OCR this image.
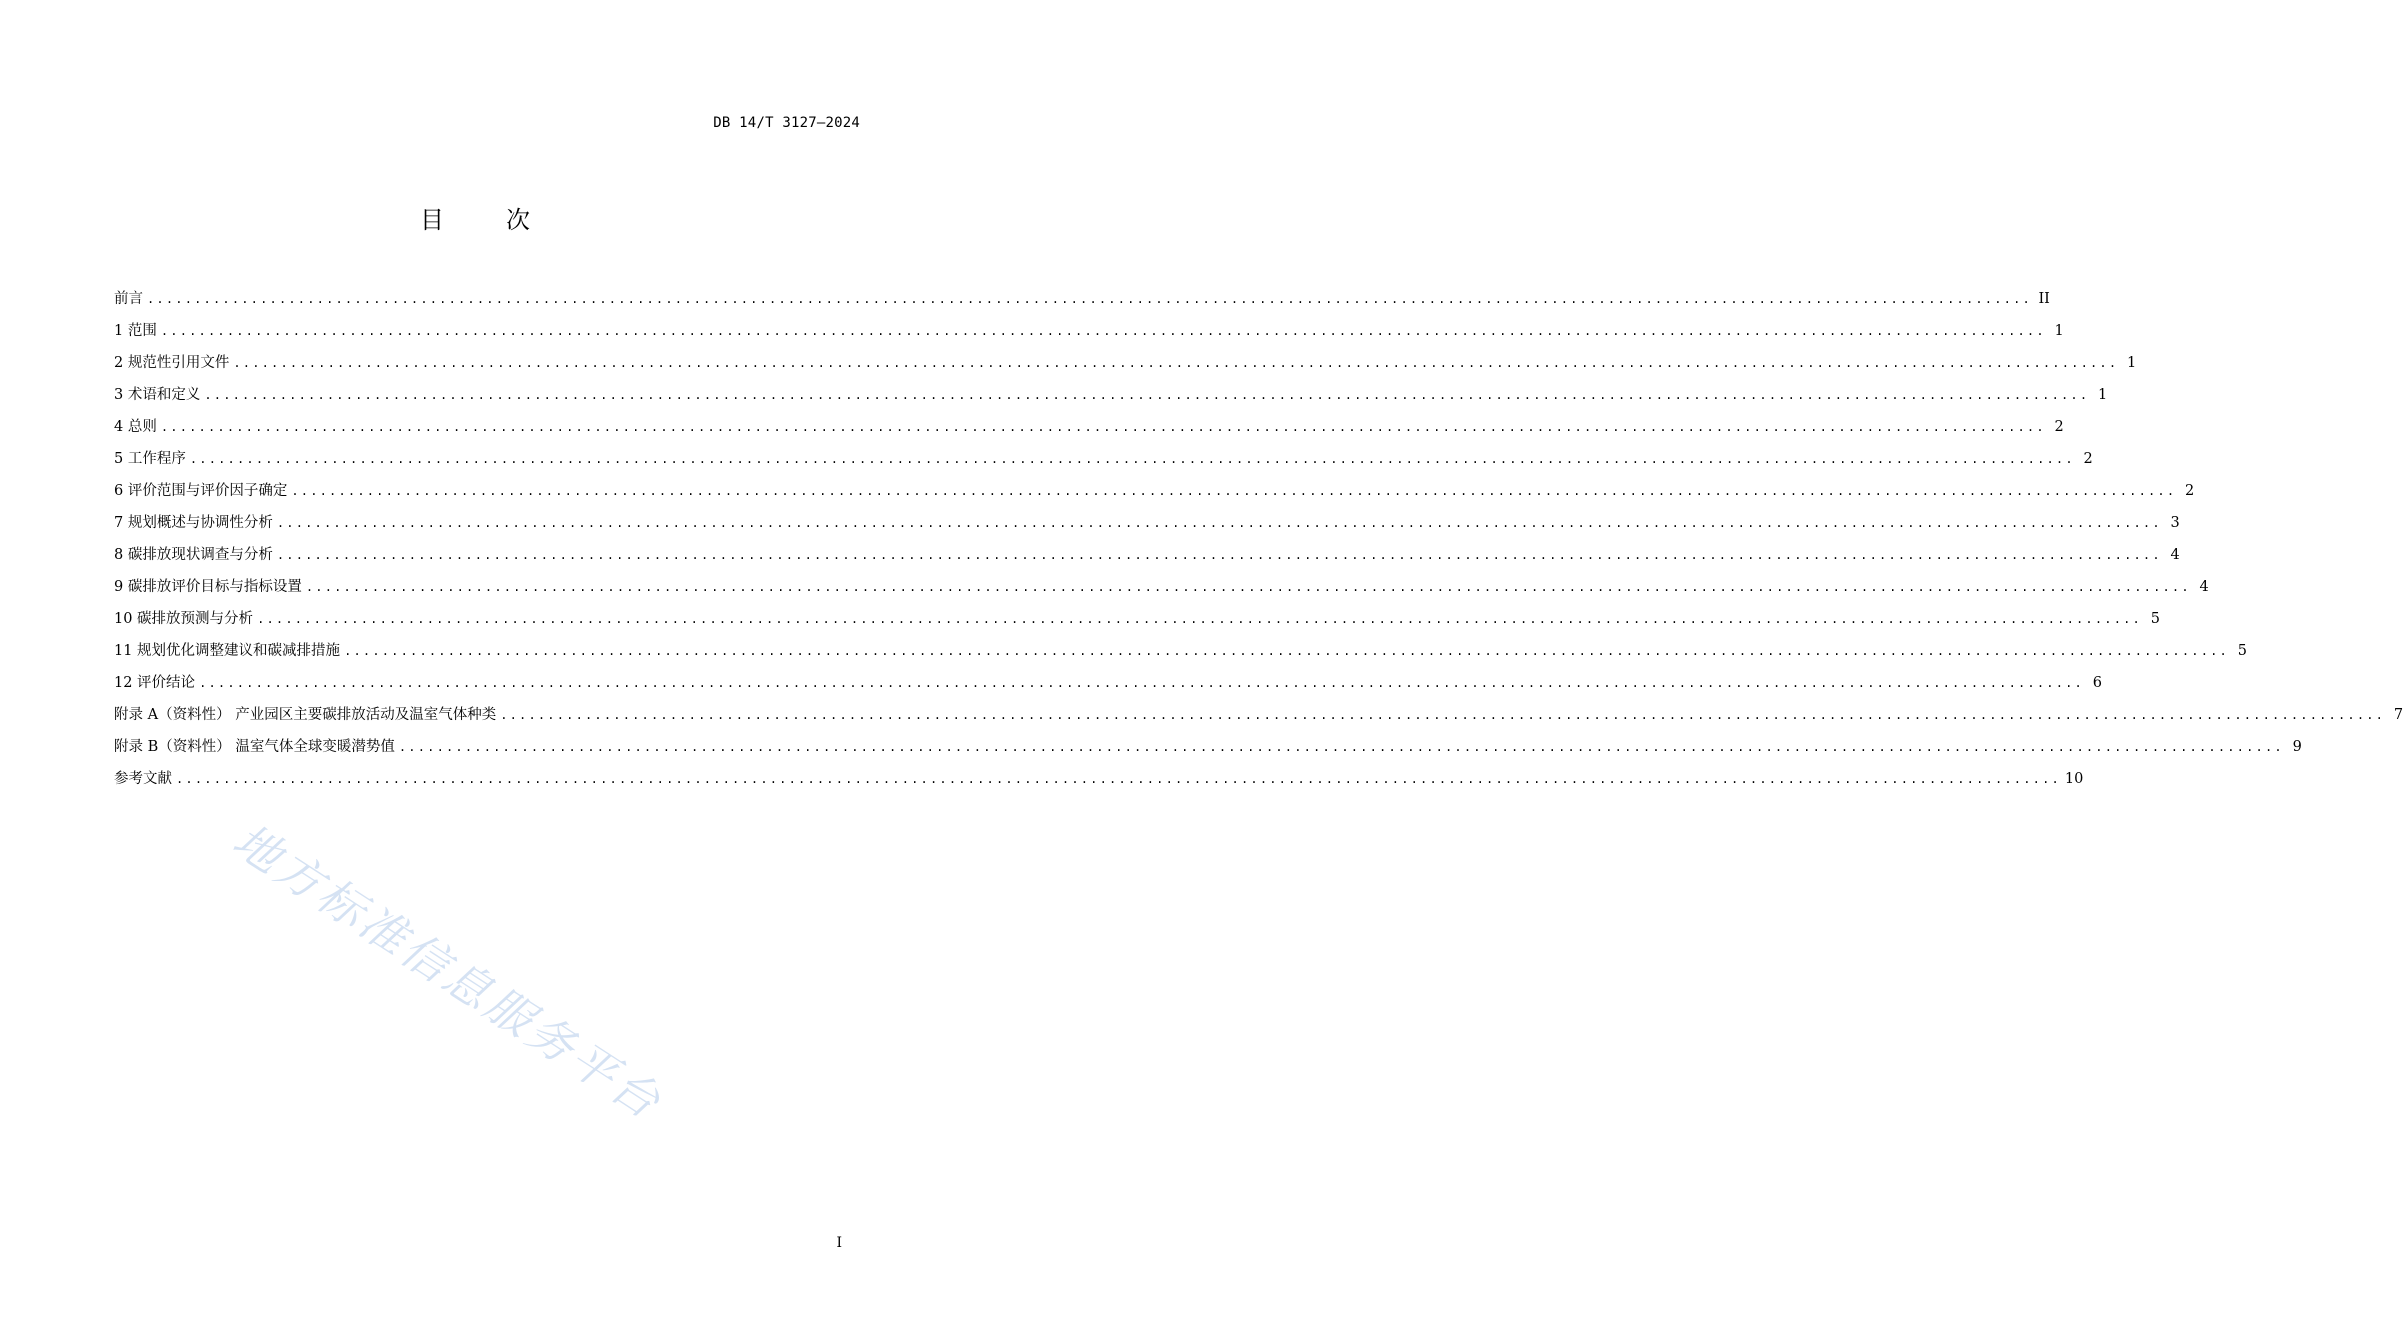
DB 14/T 3127—2024
目次
前言 ........................................................................................................................................................................................................ II
1 范围 ........................................................................................................................................................................................................ 1
2 规范性引用文件 ........................................................................................................................................................................................................ 1
3 术语和定义 ........................................................................................................................................................................................................ 1
4 总则 ........................................................................................................................................................................................................ 2
5 工作程序 ........................................................................................................................................................................................................ 2
6 评价范围与评价因子确定 ........................................................................................................................................................................................................ 2
7 规划概述与协调性分析 ........................................................................................................................................................................................................ 3
8 碳排放现状调查与分析 ........................................................................................................................................................................................................ 4
9 碳排放评价目标与指标设置 ........................................................................................................................................................................................................ 4
10 碳排放预测与分析 ........................................................................................................................................................................................................ 5
11 规划优化调整建议和碳减排措施 ........................................................................................................................................................................................................ 5
12 评价结论 ........................................................................................................................................................................................................ 6
附录 A（资料性） 产业园区主要碳排放活动及温室气体种类 ........................................................................................................................................................................................................ 7
附录 B（资料性） 温室气体全球变暖潜势值 ........................................................................................................................................................................................................ 9
参考文献 ........................................................................................................................................................................................................ 10
地方标准信息服务平台
I
